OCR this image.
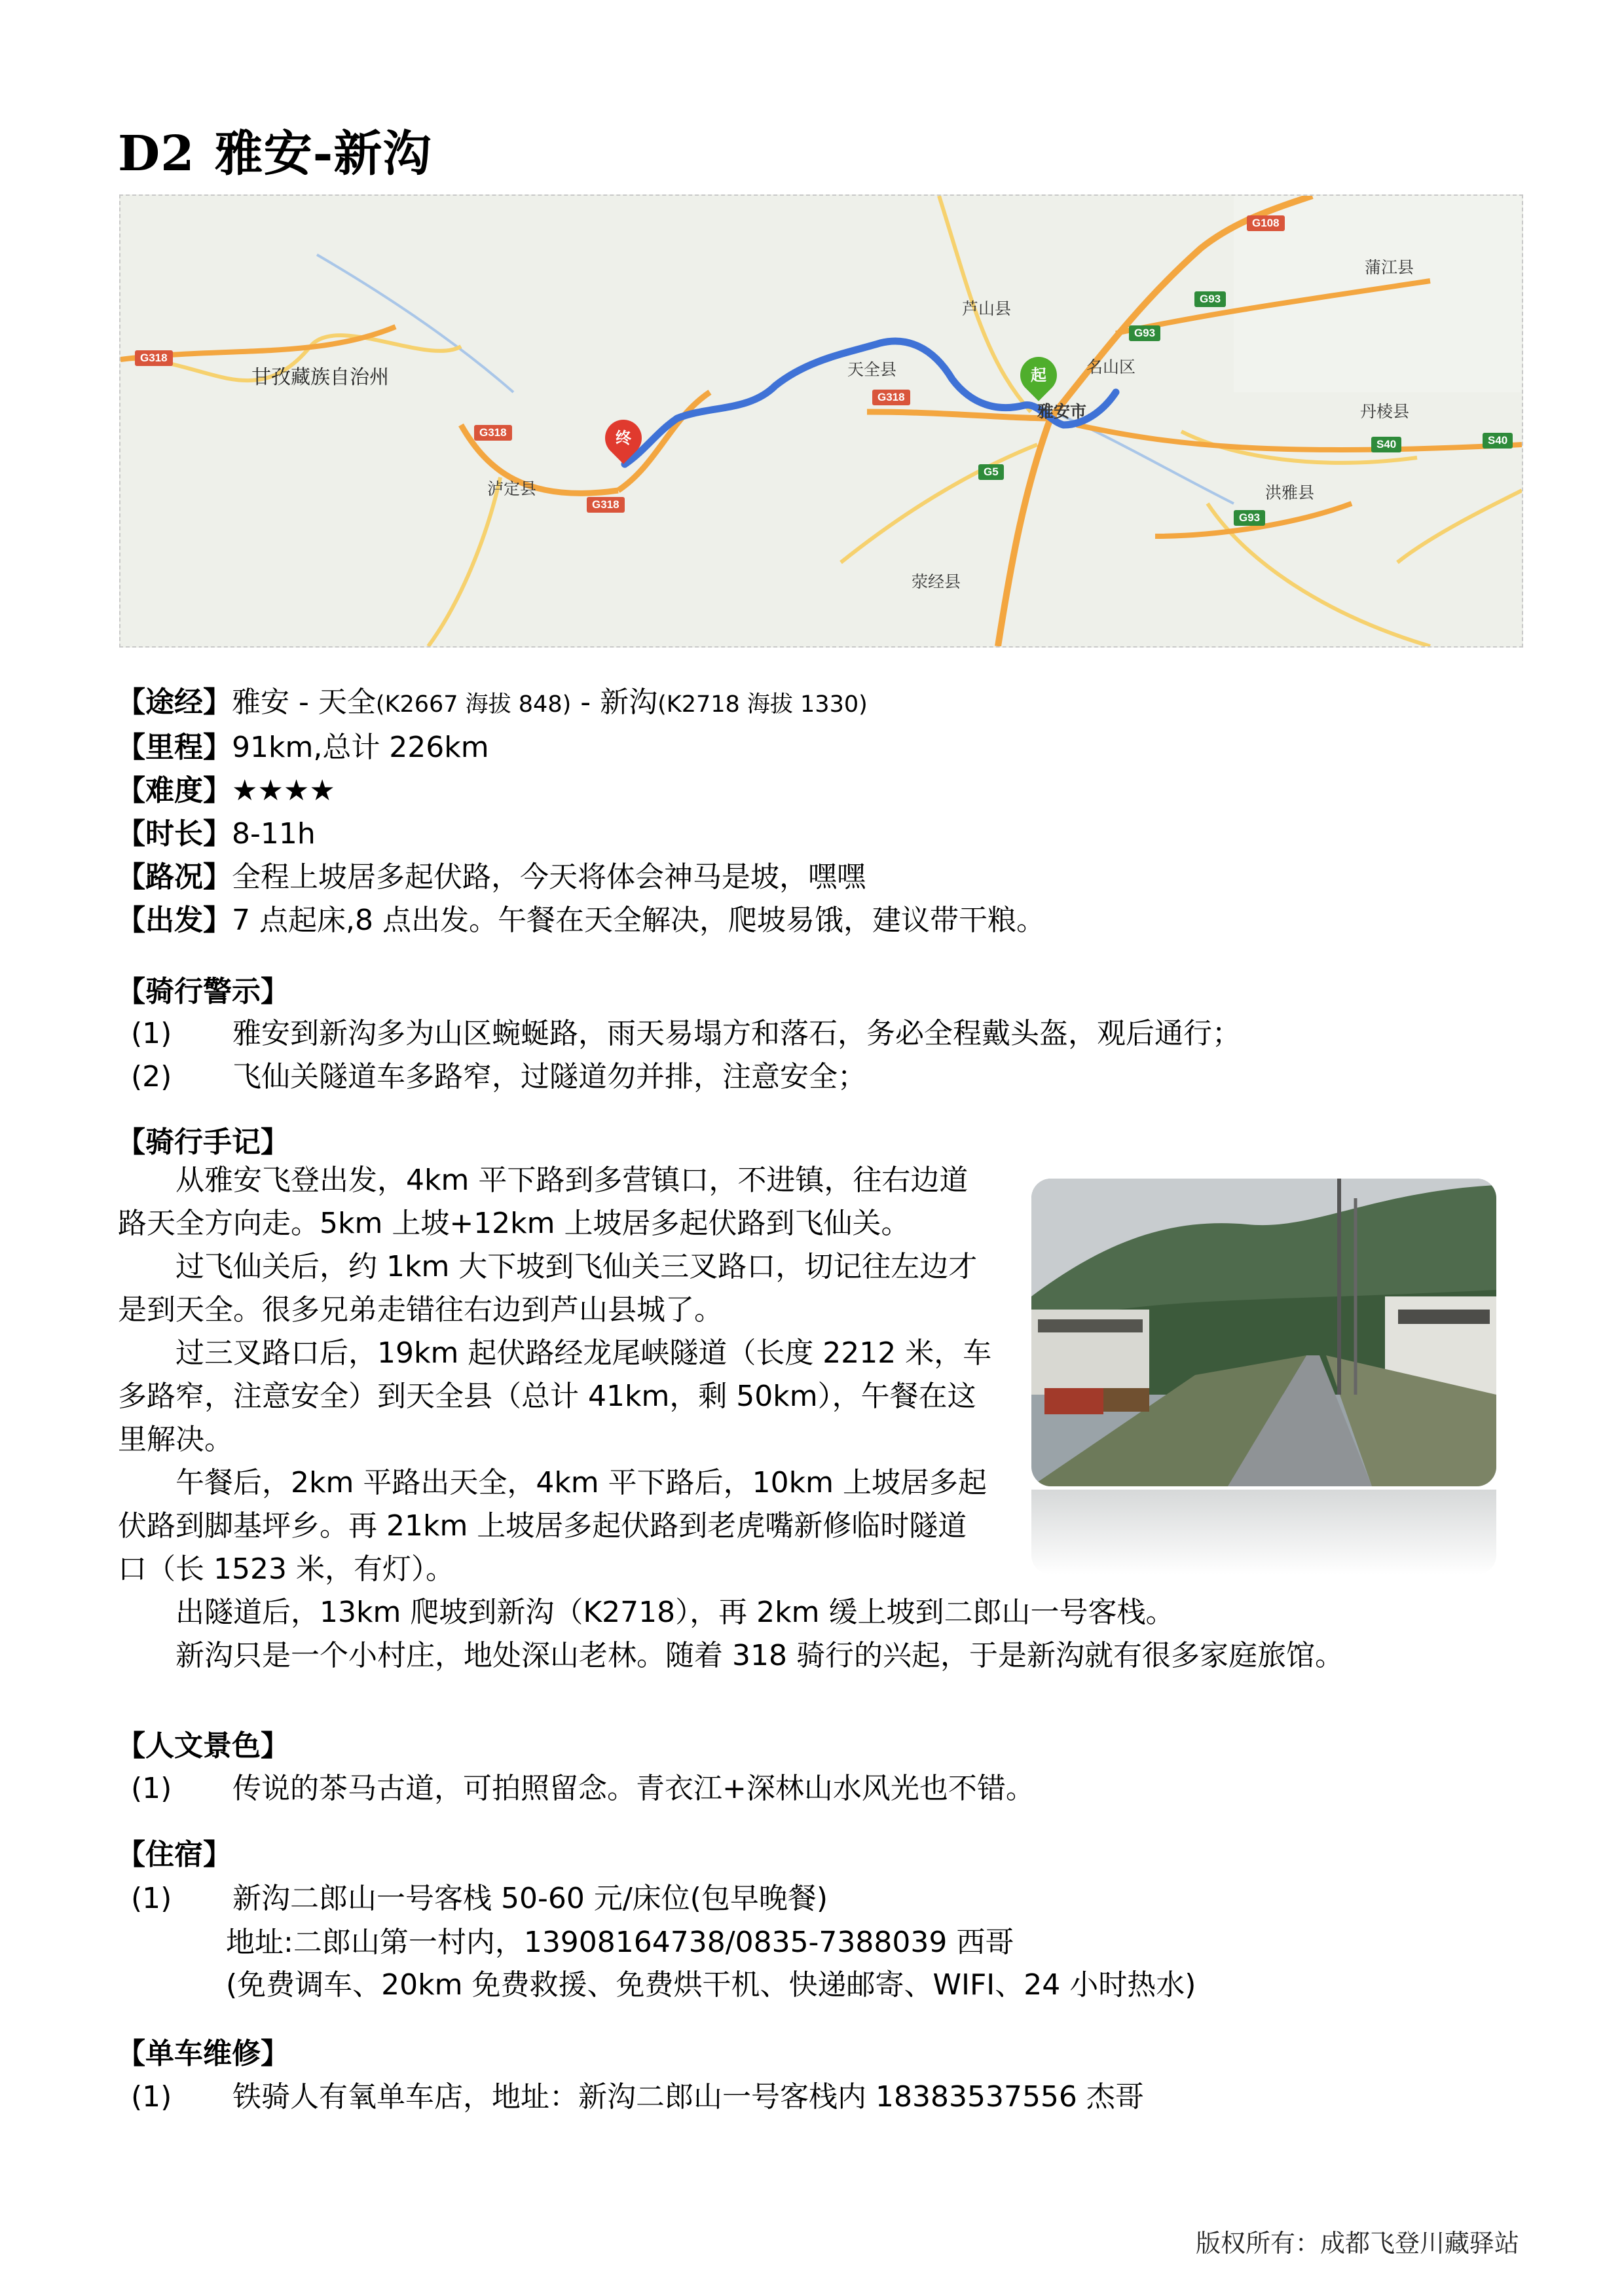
D2 雅安-新沟
甘孜藏族自治州
泸定县
芦山县
天全县	名山区
雅安市
荥经县
蒲江县
丹棱县
洪雅县
G318
G318
G318
G318
G108
G93
G93
G93
G5
S40	S40
终
起
【途经】雅安 - 天全(K2667 海拔 848) - 新沟(K2718 海拔 1330)
【里程】91km,总计 226km
【难度】★★★★
【时长】8-11h
【路况】全程上坡居多起伏路，今天将体会神马是坡，嘿嘿
【出发】7 点起床,8 点出发。午餐在天全解决，爬坡易饿，建议带干粮。
【骑行警示】
(1) 雅安到新沟多为山区蜿蜒路，雨天易塌方和落石，务必全程戴头盔，观后通行；
(2) 飞仙关隧道车多路窄，过隧道勿并排，注意安全；
【骑行手记】

从雅安飞登出发，4km 平下路到多营镇口，不进镇，往右边道

路天全方向走。5km 上坡+12km 上坡居多起伏路到飞仙关。

过飞仙关后，约 1km 大下坡到飞仙关三叉路口，切记往左边才

是到天全。很多兄弟走错往右边到芦山县城了。

过三叉路口后，19km 起伏路经龙尾峡隧道（长度 2212 米，车

多路窄，注意安全）到天全县（总计 41km，剩 50km），午餐在这
里解决。

午餐后，2km 平路出天全，4km 平下路后，10km 上坡居多起

伏路到脚基坪乡。再 21km 上坡居多起伏路到老虎嘴新修临时隧道
口（长 1523 米，有灯）。

出隧道后，13km 爬坡到新沟（K2718），再 2km 缓上坡到二郎山一号客栈。

新沟只是一个小村庄，地处深山老林。随着 318 骑行的兴起，于是新沟就有很多家庭旅馆。

【人文景色】
(1) 传说的茶马古道，可拍照留念。青衣江+深林山水风光也不错。
【住宿】
(1) 新沟二郎山一号客栈 50-60 元/床位(包早晚餐)
地址:二郎山第一村内，13908164738/0835-7388039 西哥
(免费调车、20km 免费救援、免费烘干机、快递邮寄、WIFI、24 小时热水)
【单车维修】
(1) 铁骑人有氧单车店，地址：新沟二郎山一号客栈内 18383537556 杰哥
版权所有：成都飞登川藏驿站
